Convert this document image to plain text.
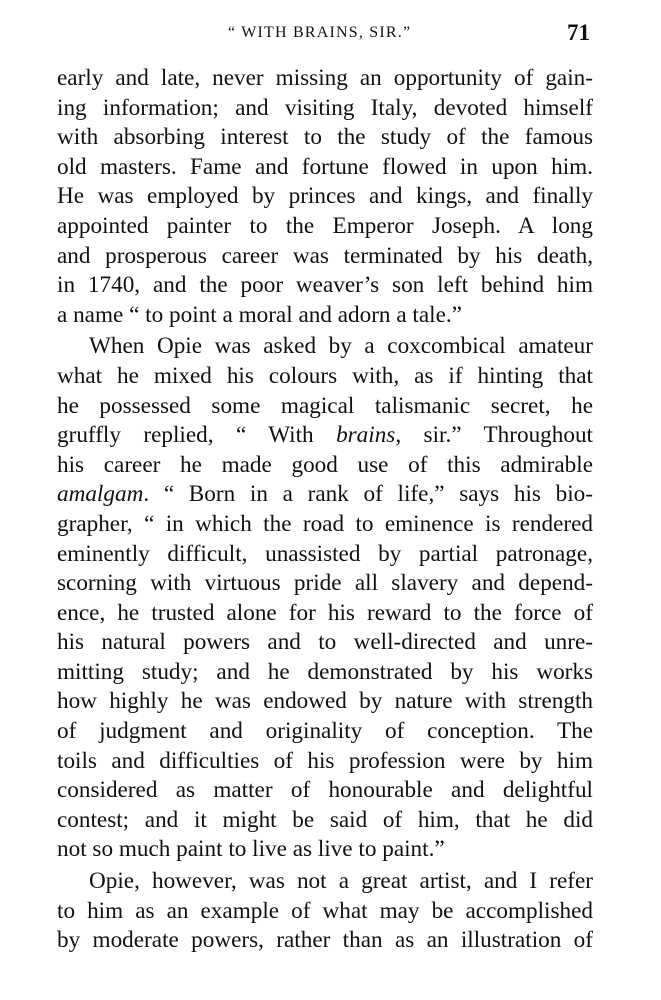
“ WITH BRAINS, SIR.”	71
early and late, never missing an opportunity of gain-
ing information; and visiting Italy, devoted himself
with absorbing interest to the study of the famous
old masters. Fame and fortune flowed in upon him.
He was employed by princes and kings, and finally
appointed painter to the Emperor Joseph. A long
and prosperous career was terminated by his death,
in 1740, and the poor weaver’s son left behind him
a name “ to point a moral and adorn a tale.”
When Opie was asked by a coxcombical amateur
what he mixed his colours with, as if hinting that
he possessed some magical talismanic secret, he
gruffly replied, “ With brains, sir.” Throughout
his career he made good use of this admirable
amalgam. “ Born in a rank of life,” says his bio-
grapher, “ in which the road to eminence is rendered
eminently difficult, unassisted by partial patronage,
scorning with virtuous pride all slavery and depend-
ence, he trusted alone for his reward to the force of
his natural powers and to well-directed and unre-
mitting study; and he demonstrated by his works
how highly he was endowed by nature with strength
of judgment and originality of conception. The
toils and difficulties of his profession were by him
considered as matter of honourable and delightful
contest; and it might be said of him, that he did
not so much paint to live as live to paint.”
Opie, however, was not a great artist, and I refer
to him as an example of what may be accomplished
by moderate powers, rather than as an illustration of
